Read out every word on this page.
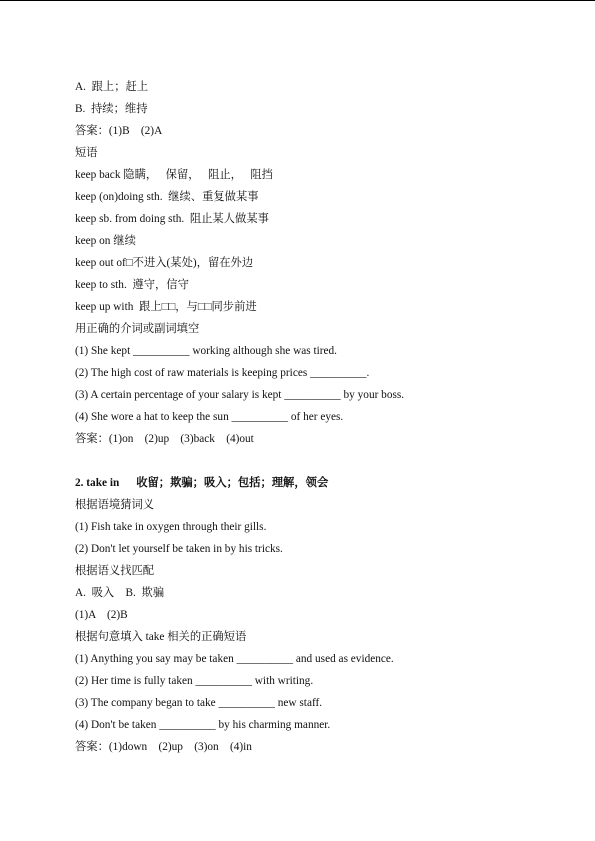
A.  跟上；赶上
B.  持续；维持
答案：(1)B    (2)A
短语
keep back 隐瞒，   保留，   阻止，   阻挡
keep (on)doing sth.  继续、重复做某事
keep sb. from doing sth.  阻止某人做某事
keep on 继续
keep out of□不进入(某处)，留在外边
keep to sth.  遵守，信守
keep up with  跟上□□，与□□同步前进
用正确的介词或副词填空
(1) She kept __________ working although she was tired.
(2) The high cost of raw materials is keeping prices __________.
(3) A certain percentage of your salary is kept __________ by your boss.
(4) She wore a hat to keep the sun __________ of her eyes.
答案：(1)on    (2)up    (3)back    (4)out
2. take in      收留；欺骗；吸入；包括；理解，领会
根据语境猜词义
(1) Fish take in oxygen through their gills.
(2) Don't let yourself be taken in by his tricks.
根据语义找匹配
A.  吸入    B.  欺骗
(1)A    (2)B
根据句意填入 take 相关的正确短语
(1) Anything you say may be taken __________ and used as evidence.
(2) Her time is fully taken __________ with writing.
(3) The company began to take __________ new staff.
(4) Don't be taken __________ by his charming manner.
答案：(1)down    (2)up    (3)on    (4)in
